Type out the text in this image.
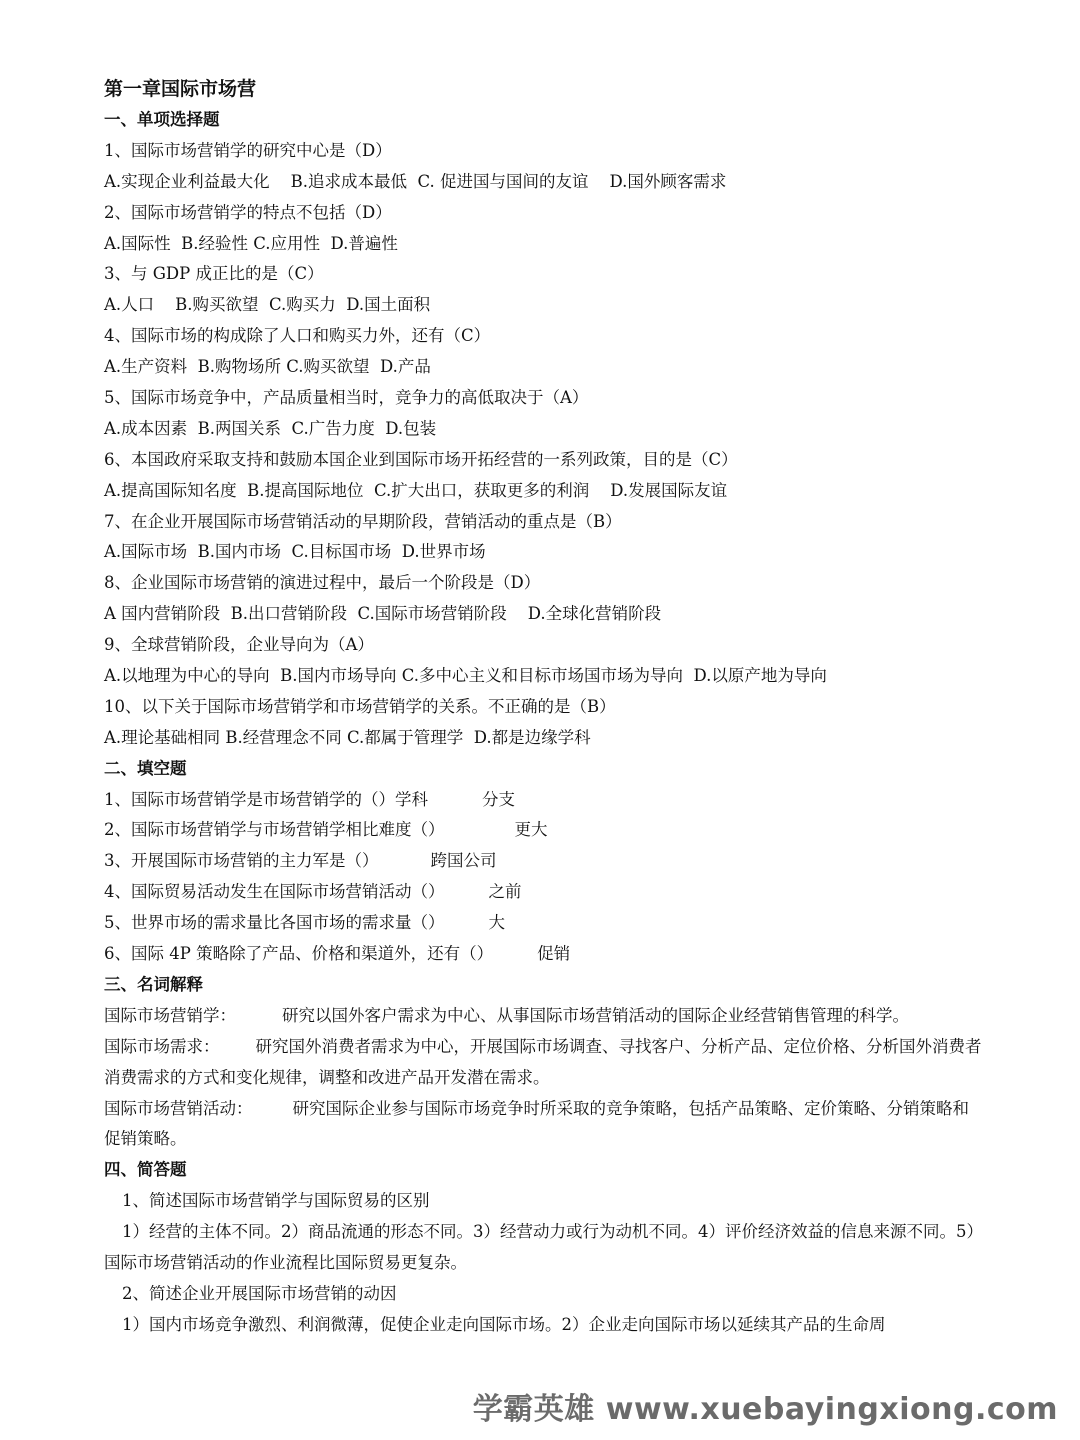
第一章国际市场营
一、单项选择题
1、国际市场营销学的研究中心是（D）
A.实现企业利益最大化    B.追求成本最低  C. 促进国与国间的友谊    D.国外顾客需求
2、国际市场营销学的特点不包括（D）
A.国际性  B.经验性 C.应用性  D.普遍性
3、与 GDP 成正比的是（C）
A.人口    B.购买欲望  C.购买力  D.国土面积
4、国际市场的构成除了人口和购买力外，还有（C）
A.生产资料  B.购物场所 C.购买欲望  D.产品
5、国际市场竞争中，产品质量相当时，竞争力的高低取决于（A）
A.成本因素  B.两国关系  C.广告力度  D.包装
6、本国政府采取支持和鼓励本国企业到国际市场开拓经营的一系列政策，目的是（C）
A.提高国际知名度  B.提高国际地位  C.扩大出口，获取更多的利润    D.发展国际友谊
7、在企业开展国际市场营销活动的早期阶段，营销活动的重点是（B）
A.国际市场  B.国内市场  C.目标国市场  D.世界市场
8、企业国际市场营销的演进过程中，最后一个阶段是（D）
A 国内营销阶段  B.出口营销阶段  C.国际市场营销阶段    D.全球化营销阶段
9、全球营销阶段，企业导向为（A）
A.以地理为中心的导向  B.国内市场导向 C.多中心主义和目标市场国市场为导向  D.以原产地为导向
10、以下关于国际市场营销学和市场营销学的关系。不正确的是（B）
A.理论基础相同 B.经营理念不同 C.都属于管理学  D.都是边缘学科
二、填空题
1、国际市场营销学是市场营销学的（）学科	分支
2、国际市场营销学与市场营销学相比难度（）	更大
3、开展国际市场营销的主力军是（）	跨国公司
4、国际贸易活动发生在国际市场营销活动（）	之前
5、世界市场的需求量比各国市场的需求量（）	大
6、国际 4P 策略除了产品、价格和渠道外，还有（）	促销
三、名词解释
国际市场营销学：	研究以国外客户需求为中心、从事国际市场营销活动的国际企业经营销售管理的科学。
国际市场需求： 研究国外消费者需求为中心，开展国际市场调查、寻找客户、分析产品、定位价格、分析国外消费者消费需求的方式和变化规律，调整和改进产品开发潜在需求。
国际市场营销活动： 研究国际企业参与国际市场竞争时所采取的竞争策略，包括产品策略、定价策略、分销策略和促销策略。
四、简答题
1、简述国际市场营销学与国际贸易的区别
1）经营的主体不同。2）商品流通的形态不同。3）经营动力或行为动机不同。4）评价经济效益的信息来源不同。5）国际市场营销活动的作业流程比国际贸易更复杂。
2、简述企业开展国际市场营销的动因
1）国内市场竞争激烈、利润微薄，促使企业走向国际市场。2）企业走向国际市场以延续其产品的生命周
学霸英雄 www.xuebayingxiong.com
